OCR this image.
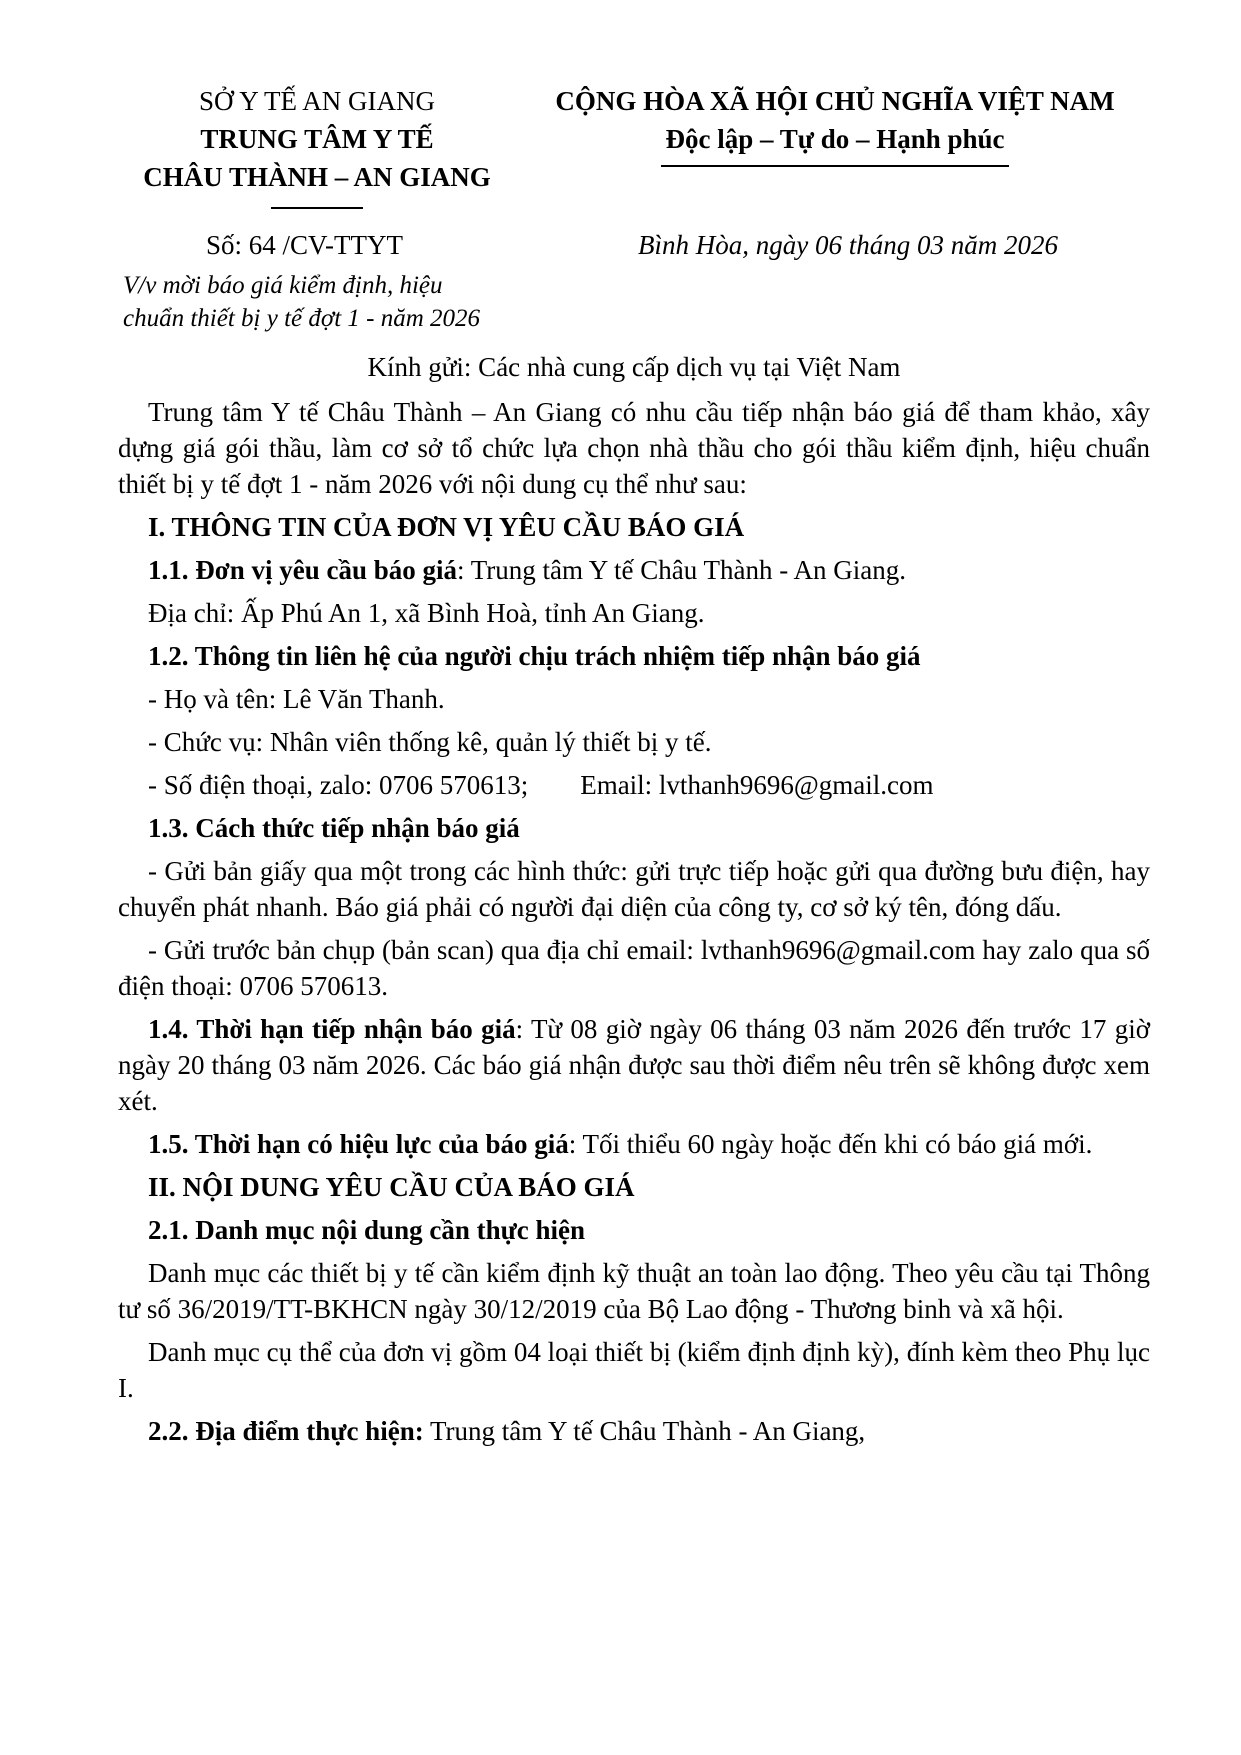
SỞ Y TẾ AN GIANG
TRUNG TÂM Y TẾ
CHÂU THÀNH – AN GIANG
CỘNG HÒA XÃ HỘI CHỦ NGHĨA VIỆT NAM
Độc lập – Tự do – Hạnh phúc
Số: 64 /CV-TTYT	Bình Hòa, ngày 06 tháng 03 năm 2026
V/v mời báo giá kiểm định, hiệu
chuẩn thiết bị y tế đợt 1 - năm 2026

Kính gửi: Các nhà cung cấp dịch vụ tại Việt Nam

Trung tâm Y tế Châu Thành – An Giang có nhu cầu tiếp nhận báo giá để tham khảo, xây dựng giá gói thầu, làm cơ sở tổ chức lựa chọn nhà thầu cho gói thầu kiểm định, hiệu chuẩn thiết bị y tế đợt 1 - năm 2026 với nội dung cụ thể như sau:

I. THÔNG TIN CỦA ĐƠN VỊ YÊU CẦU BÁO GIÁ

1.1. Đơn vị yêu cầu báo giá: Trung tâm Y tế Châu Thành - An Giang.

Địa chỉ: Ấp Phú An 1, xã Bình Hoà, tỉnh An Giang.

1.2. Thông tin liên hệ của người chịu trách nhiệm tiếp nhận báo giá

- Họ và tên: Lê Văn Thanh.

- Chức vụ: Nhân viên thống kê, quản lý thiết bị y tế.

- Số điện thoại, zalo: 0706 570613; Email: lvthanh9696@gmail.com

1.3. Cách thức tiếp nhận báo giá

- Gửi bản giấy qua một trong các hình thức: gửi trực tiếp hoặc gửi qua đường bưu điện, hay chuyển phát nhanh. Báo giá phải có người đại diện của công ty, cơ sở ký tên, đóng dấu.

- Gửi trước bản chụp (bản scan) qua địa chỉ email: lvthanh9696@gmail.com hay zalo qua số điện thoại: 0706 570613.

1.4. Thời hạn tiếp nhận báo giá: Từ 08 giờ ngày 06 tháng 03 năm 2026 đến trước 17 giờ ngày 20 tháng 03 năm 2026. Các báo giá nhận được sau thời điểm nêu trên sẽ không được xem xét.

1.5. Thời hạn có hiệu lực của báo giá: Tối thiểu 60 ngày hoặc đến khi có báo giá mới.

II. NỘI DUNG YÊU CẦU CỦA BÁO GIÁ

2.1. Danh mục nội dung cần thực hiện

Danh mục các thiết bị y tế cần kiểm định kỹ thuật an toàn lao động. Theo yêu cầu tại Thông tư số 36/2019/TT-BKHCN ngày 30/12/2019 của Bộ Lao động - Thương binh và xã hội.

Danh mục cụ thể của đơn vị gồm 04 loại thiết bị (kiểm định định kỳ), đính kèm theo Phụ lục I.

2.2. Địa điểm thực hiện: Trung tâm Y tế Châu Thành - An Giang,
